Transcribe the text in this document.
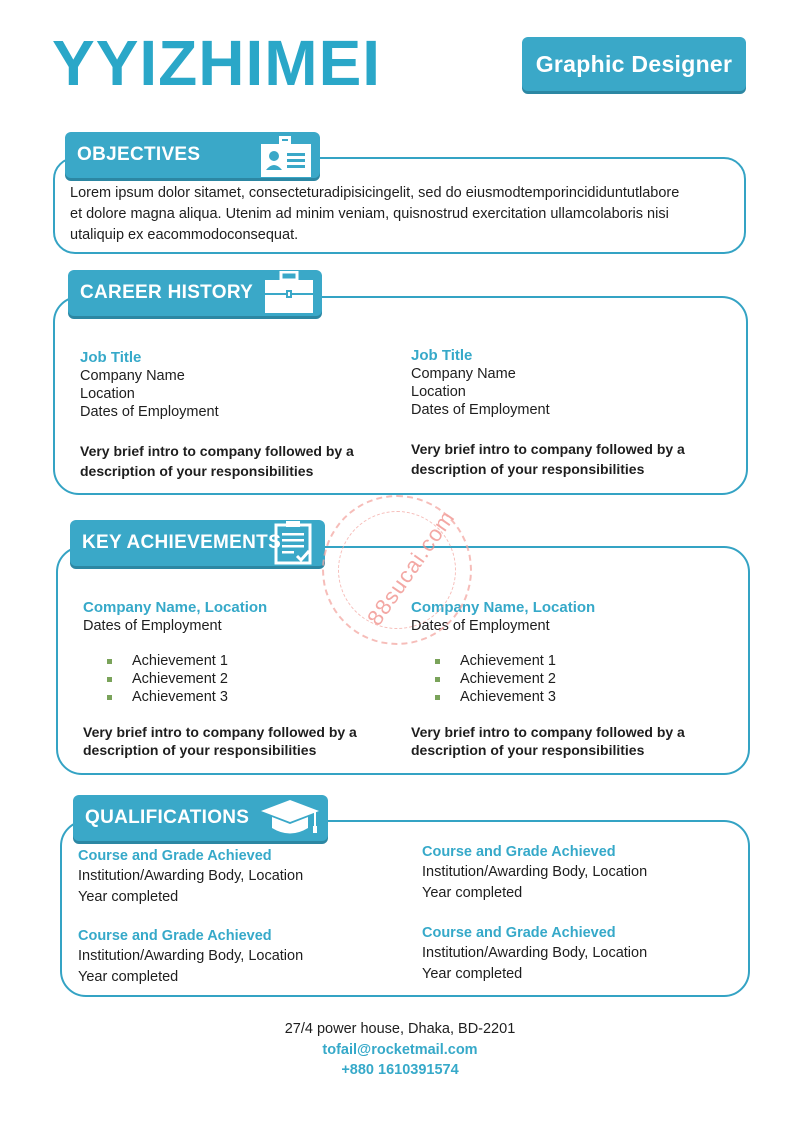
YYIZHIMEI	Graphic Designer
OBJECTIVES
Lorem ipsum dolor sitamet, consecteturadipisicingelit, sed do eiusmodtemporincididuntutlabore
et dolore magna aliqua. Utenim ad minim veniam, quisnostrud exercitation ullamcolaboris nisi
utaliquip ex eacommodoconsequat.
CAREER HISTORY
Job Title
Company Name
Location
Dates of Employment
Very brief intro to company followed by a
description of your responsibilities
Job Title
Company Name
Location
Dates of Employment
Very brief intro to company followed by a
description of your responsibilities
KEY ACHIEVEMENTS
Company Name, Location
Dates of Employment
Achievement 1
Achievement 2
Achievement 3
Very brief intro to company followed by a
description of your responsibilities
Company Name, Location
Dates of Employment
Achievement 1
Achievement 2
Achievement 3
Very brief intro to company followed by a
description of your responsibilities
88sucai.com
QUALIFICATIONS
Course and Grade Achieved
Institution/Awarding Body, Location
Year completed
Course and Grade Achieved
Institution/Awarding Body, Location
Year completed
Course and Grade Achieved
Institution/Awarding Body, Location
Year completed
Course and Grade Achieved
Institution/Awarding Body, Location
Year completed
27/4 power house, Dhaka, BD-2201
tofail@rocketmail.com
+880 1610391574
